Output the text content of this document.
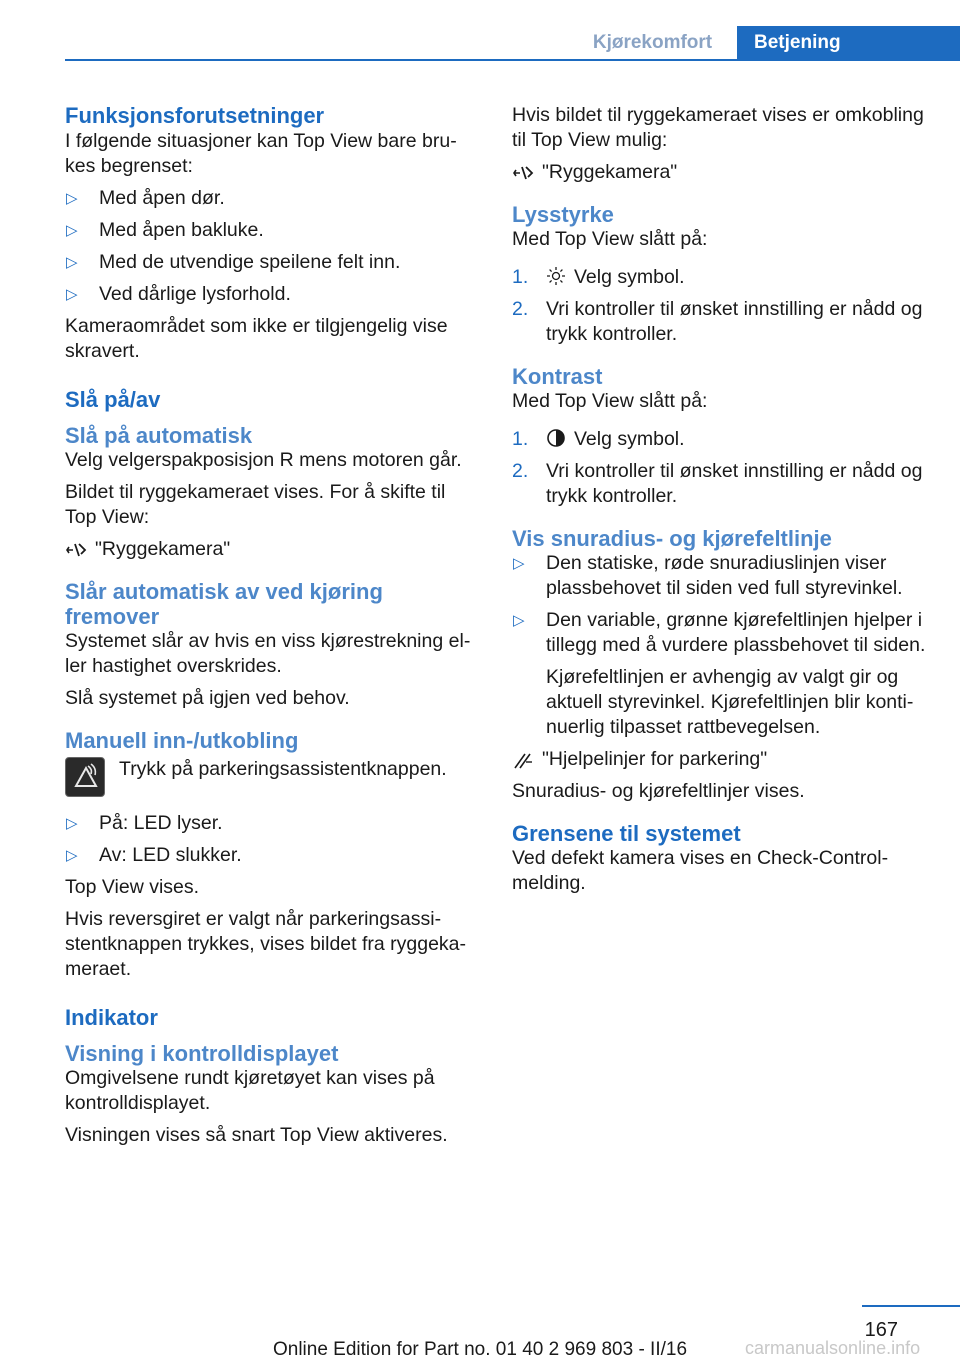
Kjørekomfort	Betjening
Funksjonsforutsetninger

I følgende situasjoner kan Top View bare brukes begrenset:

▷ Med åpen dør.
▷ Med åpen bakluke.
▷ Med de utvendige speilene felt inn.
▷ Ved dårlige lysforhold.

Kameraområdet som ikke er tilgjengelig vise skravert.

Slå på/av
Slå på automatisk

Velg velgerspakposisjon R mens motoren går.

Bildet til ryggekameraet vises. For å skifte til Top View:

"Ryggekamera"
Slår automatisk av ved kjøring fremover

Systemet slår av hvis en viss kjørestrekning eller hastighet overskrides.

Slå systemet på igjen ved behov.

Manuell inn-/utkobling
Trykk på parkeringsassistentknappen.
▷ På: LED lyser.
▷ Av: LED slukker.

Top View vises.

Hvis reversgiret er valgt når parkeringsassistentknappen trykkes, vises bildet fra ryggekameraet.

Indikator
Visning i kontrolldisplayet

Omgivelsene rundt kjøretøyet kan vises på kontrolldisplayet.

Visningen vises så snart Top View aktiveres.

Hvis bildet til ryggekameraet vises er omkobling til Top View mulig:

"Ryggekamera"
Lysstyrke

Med Top View slått på:

1. Velg symbol.
2. Vri kontroller til ønsket innstilling er nådd og trykk kontroller.
Kontrast

Med Top View slått på:

1. Velg symbol.
2. Vri kontroller til ønsket innstilling er nådd og trykk kontroller.
Vis snuradius- og kjørefeltlinje
▷ Den statiske, røde snuradiuslinjen viser plassbehovet til siden ved full styrevinkel.
▷ Den variable, grønne kjørefeltlinjen hjelper i tillegg med å vurdere plassbehovet til siden.
Kjørefeltlinjen er avhengig av valgt gir og aktuell styrevinkel. Kjørefeltlinjen blir kontinuerlig tilpasset rattbevegelsen.
"Hjelpelinjer for parkering"

Snuradius- og kjørefeltlinjer vises.

Grensene til systemet

Ved defekt kamera vises en Check-Control-melding.

167
carmanualsonline.info
Online Edition for Part no. 01 40 2 969 803 - II/16
